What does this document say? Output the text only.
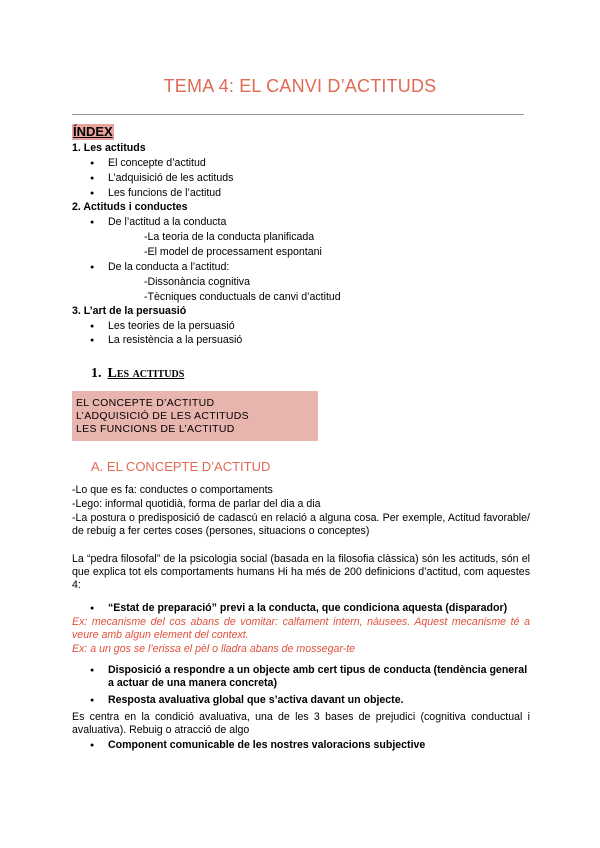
TEMA 4: EL CANVI D’ACTITUDS
ÍNDEX
1. Les actituds
● El concepte d’actitud
● L’adquisició de les actituds
● Les funcions de l’actitud
2. Actituds i conductes
● De l’actitud a la conducta
-La teoria de la conducta planificada
-El model de processament espontani
● De la conducta a l’actitud:
-Dissonància cognitiva
-Tècniques conductuals de canvi d’actitud
3. L’art de la persuasió
● Les teories de la persuasió
● La resistència a la persuasió
1. Les actituds
EL CONCEPTE D’ACTITUD
L’ADQUISICIÓ DE LES ACTITUDS
LES FUNCIONS DE L’ACTITUD
A. EL CONCEPTE D’ACTITUD
-Lo que es fa: conductes o comportaments
-Lego: informal quotidià, forma de parlar del dia a dia
-La postura o predisposició de cadascú en relació a alguna cosa. Per exemple, Actitud favorable/ de rebuig a fer certes coses (persones, situacions o conceptes)
La “pedra filosofal” de la psicologia social (basada en la filosofia clàssica) són les actituds, són el que explica tot els comportaments humans Hi ha més de 200 definicions d’actitud, com aquestes 4:
● “Estat de preparació” previ a la conducta, que condiciona aquesta (disparador)
Ex: mecanisme del cos abans de vomitar: calfament intern, nàusees. Aquest mecanisme té a veure amb algun element del context.
Ex: a un gos se l’erissa el pèl o lladra abans de mossegar-te
Disposició a respondre a un objecte amb cert tipus de conducta (tendència general a actuar de una manera concreta)
● Resposta avaluativa global que s’activa davant un objecte.
Es centra en la condició avaluativa, una de les 3 bases de prejudici (cognitiva conductual i avaluativa). Rebuig o atracció de algo
● Component comunicable de les nostres valoracions subjective
